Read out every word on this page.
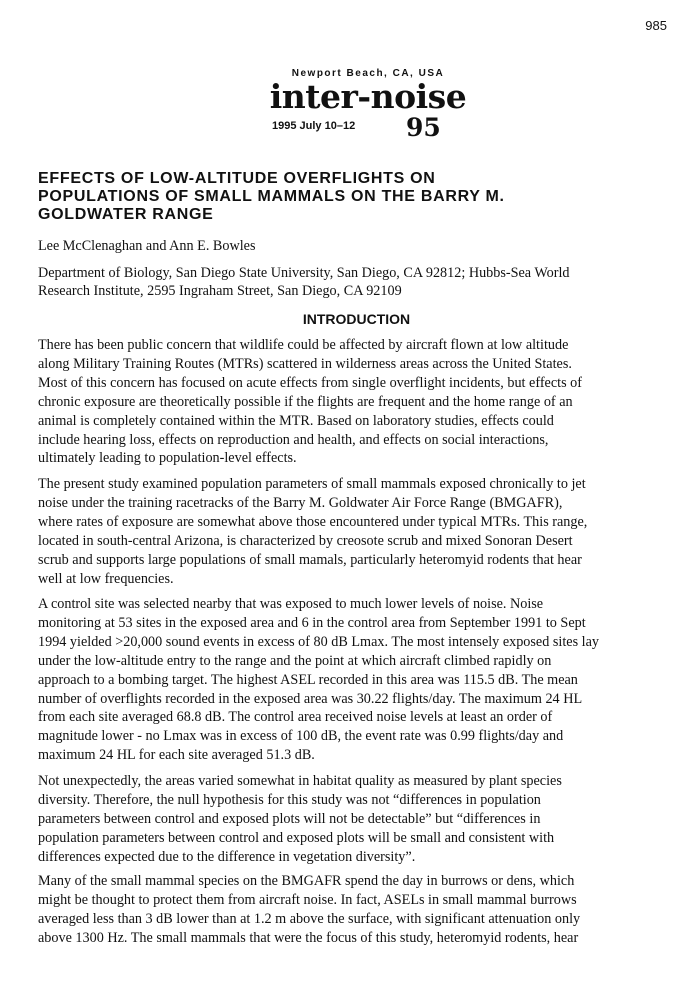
985
Newport Beach, CA, USA
inter-noise
1995 July 10–12 95
EFFECTS OF LOW-ALTITUDE OVERFLIGHTS ON
POPULATIONS OF SMALL MAMMALS ON THE BARRY M.
GOLDWATER RANGE
Lee McClenaghan and Ann E. Bowles
Department of Biology, San Diego State University, San Diego, CA 92812; Hubbs-Sea World
Research Institute, 2595 Ingraham Street, San Diego, CA 92109
INTRODUCTION
There has been public concern that wildlife could be affected by aircraft flown at low altitude
along Military Training Routes (MTRs) scattered in wilderness areas across the United States.
Most of this concern has focused on acute effects from single overflight incidents, but effects of
chronic exposure are theoretically possible if the flights are frequent and the home range of an
animal is completely contained within the MTR. Based on laboratory studies, effects could
include hearing loss, effects on reproduction and health, and effects on social interactions,
ultimately leading to population-level effects.
The present study examined population parameters of small mammals exposed chronically to jet
noise under the training racetracks of the Barry M. Goldwater Air Force Range (BMGAFR),
where rates of exposure are somewhat above those encountered under typical MTRs. This range,
located in south-central Arizona, is characterized by creosote scrub and mixed Sonoran Desert
scrub and supports large populations of small mamals, particularly heteromyid rodents that hear
well at low frequencies.
A control site was selected nearby that was exposed to much lower levels of noise. Noise
monitoring at 53 sites in the exposed area and 6 in the control area from September 1991 to Sept
1994 yielded >20,000 sound events in excess of 80 dB Lmax. The most intensely exposed sites lay
under the low-altitude entry to the range and the point at which aircraft climbed rapidly on
approach to a bombing target. The highest ASEL recorded in this area was 115.5 dB. The mean
number of overflights recorded in the exposed area was 30.22 flights/day. The maximum 24 HL
from each site averaged 68.8 dB. The control area received noise levels at least an order of
magnitude lower - no Lmax was in excess of 100 dB, the event rate was 0.99 flights/day and
maximum 24 HL for each site averaged 51.3 dB.
Not unexpectedly, the areas varied somewhat in habitat quality as measured by plant species
diversity. Therefore, the null hypothesis for this study was not “differences in population
parameters between control and exposed plots will not be detectable” but “differences in
population parameters between control and exposed plots will be small and consistent with
differences expected due to the difference in vegetation diversity”.
Many of the small mammal species on the BMGAFR spend the day in burrows or dens, which
might be thought to protect them from aircraft noise. In fact, ASELs in small mammal burrows
averaged less than 3 dB lower than at 1.2 m above the surface, with significant attenuation only
above 1300 Hz. The small mammals that were the focus of this study, heteromyid rodents, hear
